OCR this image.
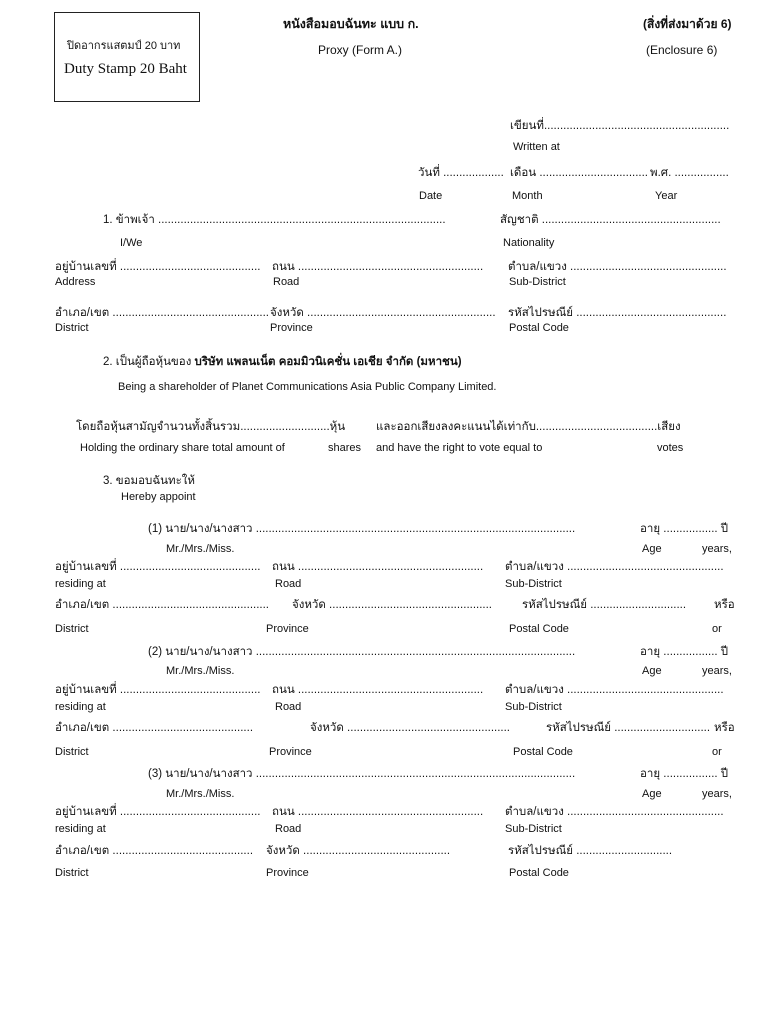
ปิดอากรแสตมป์ 20 บาท
Duty Stamp 20 Baht
หนังสือมอบฉันทะ แบบ ก.
Proxy (Form A.)
(สิ่งที่ส่งมาด้วย 6)
(Enclosure 6)
เขียนที่..........................................................
Written at
วันที่ ................... เดือน .................................. พ.ศ. .................
Date	Month	Year
1. ข้าพเจ้า ..........................................................................................	สัญชาติ ........................................................
I/We	Nationality
อยู่บ้านเลขที่ ............................................ ถนน .......................................................... ตำบล/แขวง .................................................
Address	Road	Sub-District
อำเภอ/เขต ................................................. จังหวัด ........................................................... รหัสไปรษณีย์ ...............................................
District	Province	Postal Code
2. เป็นผู้ถือหุ้นของ บริษัท แพลนเน็ต คอมมิวนิเคชั่น เอเชีย จำกัด (มหาชน)
Being a shareholder of Planet Communications Asia Public Company Limited.
โดยถือหุ้นสามัญจำนวนทั้งสิ้นรวม............................หุ้น	และออกเสียงลงคะแนนได้เท่ากับ......................................เสียง
Holding the ordinary share total amount of	shares and have the right to vote equal to	votes
3. ขอมอบฉันทะให้
Hereby appoint
(1) นาย/นาง/นางสาว ....................................................................................................	อายุ ................. ปี
Mr./Mrs./Miss.	Age	years,
อยู่บ้านเลขที่ ............................................ ถนน .......................................................... ตำบล/แขวง .................................................
residing at	Road	Sub-District
อำเภอ/เขต ................................................. จังหวัด ...................................................	รหัสไปรษณีย์ .............................. หรือ
District	Province	Postal Code	or
(2) นาย/นาง/นางสาว ....................................................................................................	อายุ ................. ปี
Mr./Mrs./Miss.	Age	years,
อยู่บ้านเลขที่ ............................................ ถนน .......................................................... ตำบล/แขวง .................................................
residing at	Road	Sub-District
อำเภอ/เขต ............................................	จังหวัด ...................................................	รหัสไปรษณีย์ .............................. หรือ
District	Province	Postal Code	or
(3) นาย/นาง/นางสาว ....................................................................................................	อายุ ................. ปี
Mr./Mrs./Miss.	Age	years,
อยู่บ้านเลขที่ ............................................ ถนน .......................................................... ตำบล/แขวง .................................................
residing at	Road	Sub-District
อำเภอ/เขต ............................................ จังหวัด ..............................................	รหัสไปรษณีย์ ..............................
District	Province	Postal Code
